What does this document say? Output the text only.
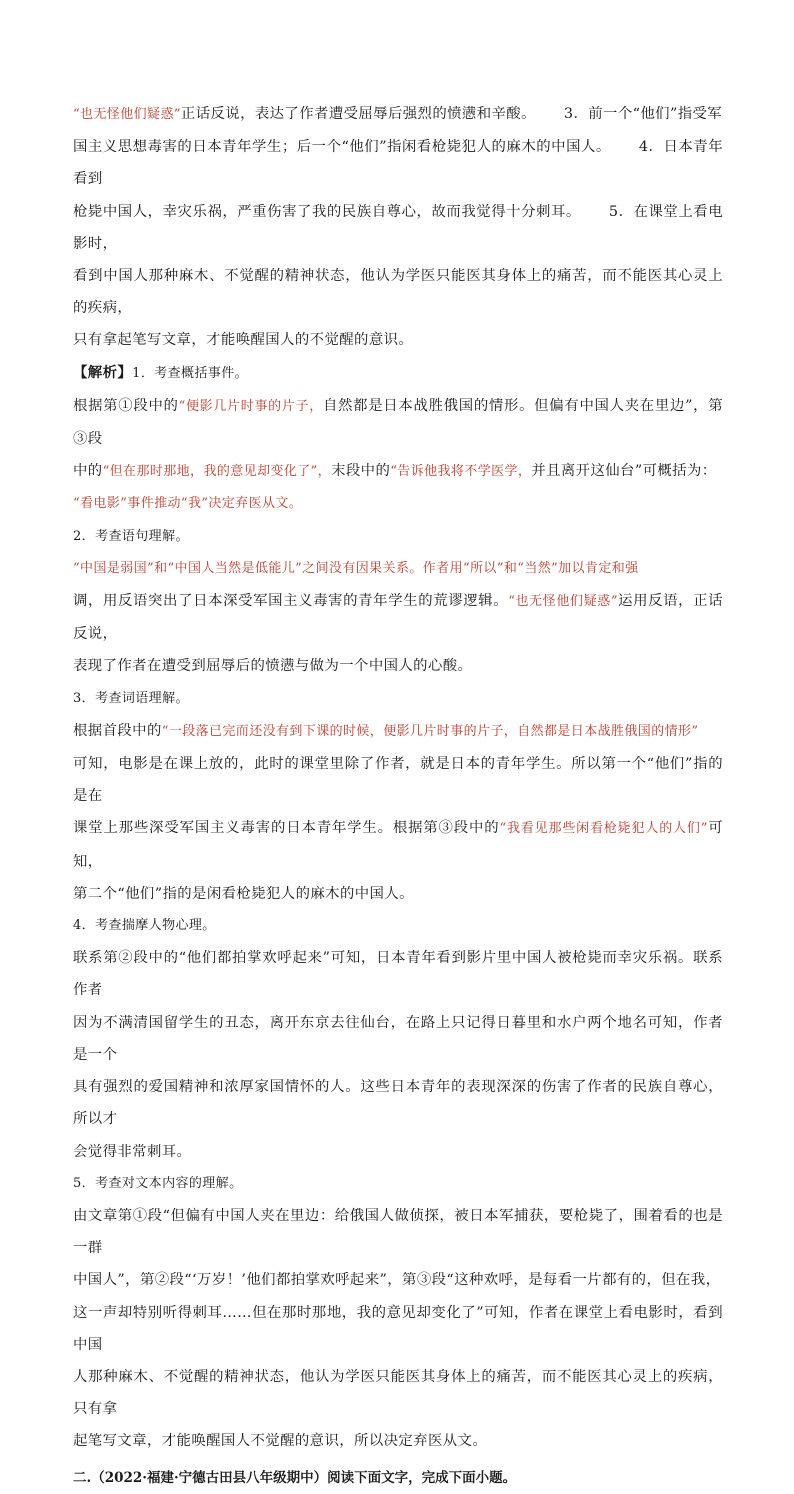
“也无怪他们疑惑”正话反说，表达了作者遭受屈辱后强烈的愤懑和辛酸。 3．前一个“他们”指受军

国主义思想毒害的日本青年学生；后一个“他们”指闲看枪毙犯人的麻木的中国人。 4．日本青年看到

枪毙中国人，幸灾乐祸，严重伤害了我的民族自尊心，故而我觉得十分刺耳。 5．在课堂上看电影时，

看到中国人那种麻木、不觉醒的精神状态，他认为学医只能医其身体上的痛苦，而不能医其心灵上的疾病，

只有拿起笔写文章，才能唤醒国人的不觉醒的意识。

【解析】1．考查概括事件。

根据第①段中的“便影几片时事的片子，自然都是日本战胜俄国的情形。但偏有中国人夹在里边”，第③段

中的“但在那时那地，我的意见却变化了”，末段中的“告诉他我将不学医学，并且离开这仙台”可概括为：

“看电影”事件推动“我”决定弃医从文。

2．考查语句理解。

“中国是弱国”和“中国人当然是低能儿”之间没有因果关系。作者用“所以”和“当然”加以肯定和强

调，用反语突出了日本深受军国主义毒害的青年学生的荒谬逻辑。“也无怪他们疑惑”运用反语，正话反说，

表现了作者在遭受到屈辱后的愤懑与做为一个中国人的心酸。

3．考查词语理解。

根据首段中的“一段落已完而还没有到下课的时候，便影几片时事的片子，自然都是日本战胜俄国的情形”

可知，电影是在课上放的，此时的课堂里除了作者，就是日本的青年学生。所以第一个“他们”指的是在

课堂上那些深受军国主义毒害的日本青年学生。根据第③段中的“我看见那些闲看枪毙犯人的人们”可知，

第二个“他们”指的是闲看枪毙犯人的麻木的中国人。

4．考查揣摩人物心理。

联系第②段中的“他们都拍掌欢呼起来”可知，日本青年看到影片里中国人被枪毙而幸灾乐祸。联系作者

因为不满清国留学生的丑态，离开东京去往仙台，在路上只记得日暮里和水户两个地名可知，作者是一个

具有强烈的爱国精神和浓厚家国情怀的人。这些日本青年的表现深深的伤害了作者的民族自尊心，所以才

会觉得非常刺耳。

5．考查对文本内容的理解。

由文章第①段“但偏有中国人夹在里边：给俄国人做侦探，被日本军捕获，要枪毙了，围着看的也是一群

中国人”，第②段“‘万岁！’他们都拍掌欢呼起来”，第③段“这种欢呼，是每看一片都有的，但在我，

这一声却特别听得刺耳……但在那时那地，我的意见却变化了”可知，作者在课堂上看电影时，看到中国

人那种麻木、不觉醒的精神状态，他认为学医只能医其身体上的痛苦，而不能医其心灵上的疾病，只有拿

起笔写文章，才能唤醒国人不觉醒的意识，所以决定弃医从文。

二.（2022·福建·宁德古田县八年级期中）阅读下面文字，完成下面小题。
